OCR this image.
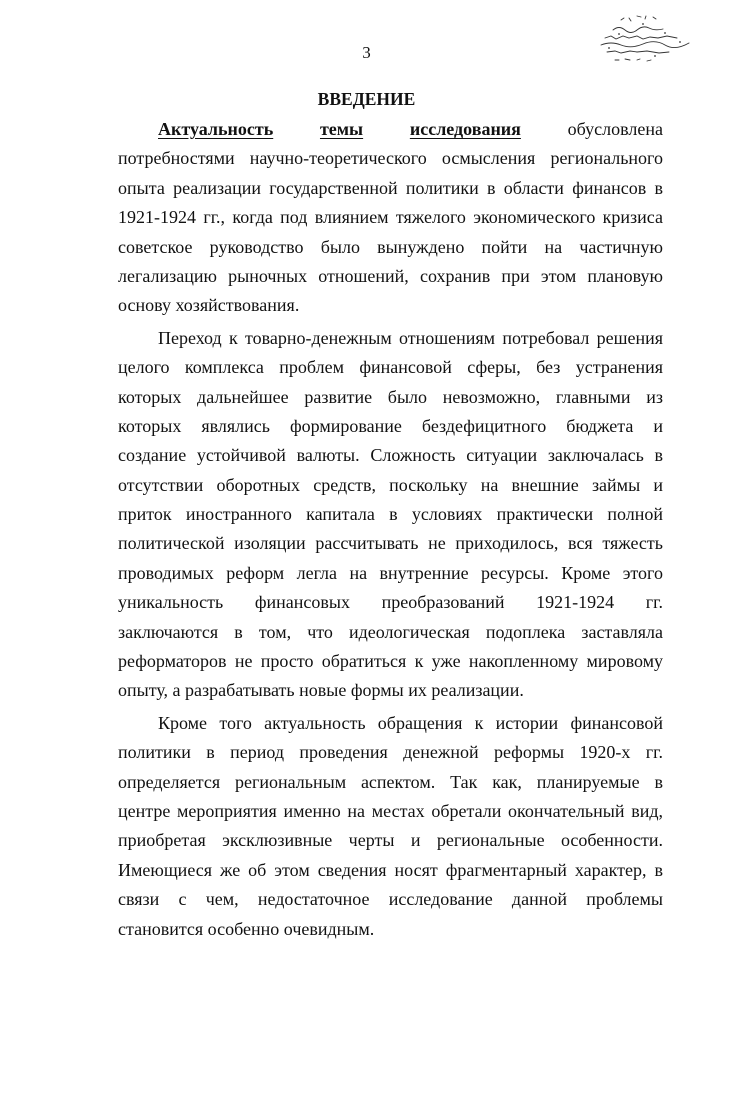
3
ВВЕДЕНИЕ

Актуальность	темы	исследования	обусловлена
потребностями научно-теоретического осмысления регионального
опыта реализации государственной политики в области финансов в
1921-1924 гг., когда под влиянием тяжелого экономического кризиса
советское руководство было вынуждено пойти на частичную
легализацию рыночных отношений, сохранив при этом плановую
основу хозяйствования.

Переход к товарно-денежным отношениям потребовал решения
целого комплекса проблем финансовой сферы, без устранения
которых дальнейшее развитие было невозможно, главными из
которых являлись формирование бездефицитного бюджета и
создание устойчивой валюты. Сложность ситуации заключалась в
отсутствии оборотных средств, поскольку на внешние займы и
приток иностранного капитала в условиях практически полной
политической изоляции рассчитывать не приходилось, вся тяжесть
проводимых реформ легла на внутренние ресурсы. Кроме этого
уникальность финансовых преобразований 1921-1924 гг.
заключаются в том, что идеологическая подоплека заставляла
реформаторов не просто обратиться к уже накопленному мировому
опыту, а разрабатывать новые формы их реализации.

Кроме того актуальность обращения к истории финансовой
политики в период проведения денежной реформы 1920-х гг.
определяется региональным аспектом. Так как, планируемые в
центре мероприятия именно на местах обретали окончательный вид,
приобретая эксклюзивные черты и региональные особенности.
Имеющиеся же об этом сведения носят фрагментарный характер, в
связи с чем, недостаточное исследование данной проблемы
становится особенно очевидным.
